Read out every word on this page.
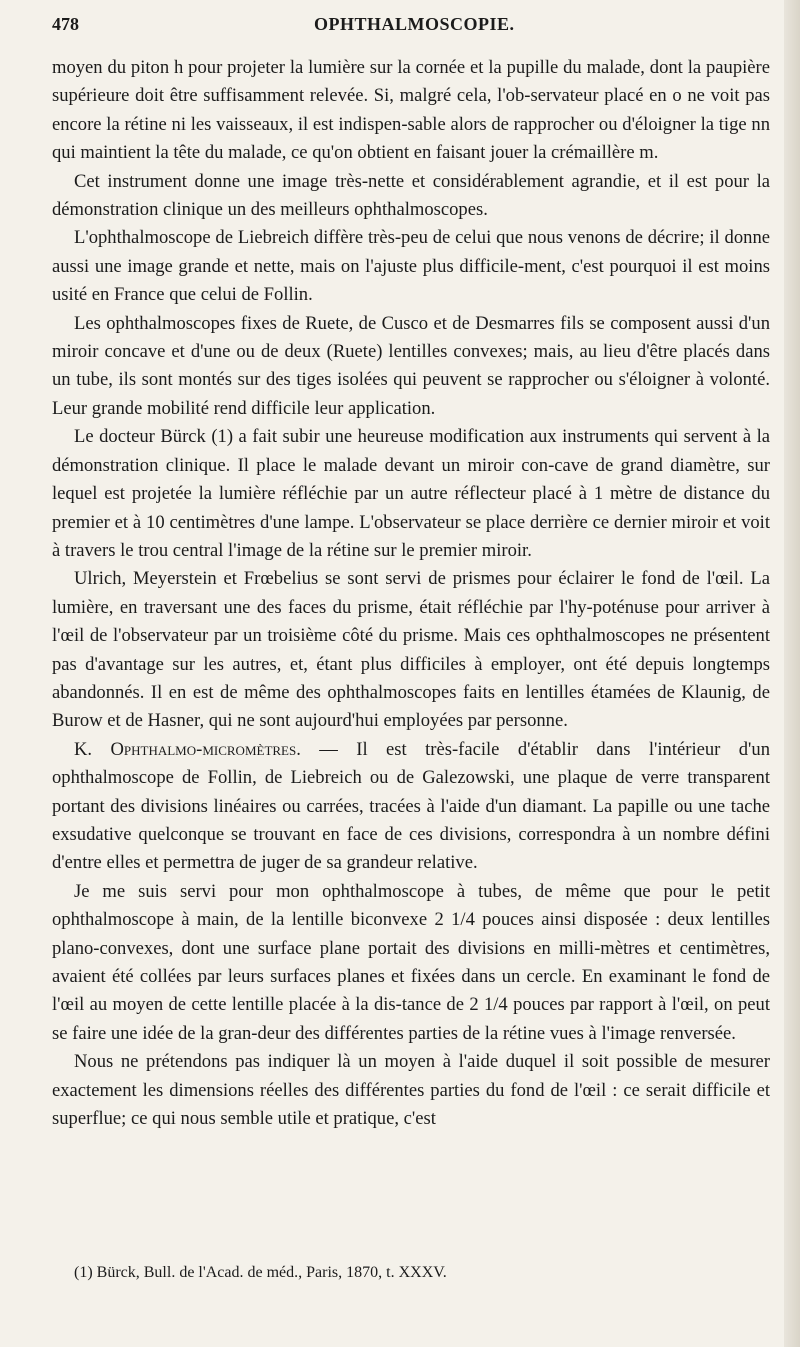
478	OPHTHALMOSCOPIE.

moyen du piton h pour projeter la lumière sur la cornée et la pupille du malade, dont la paupière supérieure doit être suffisamment relevée. Si, malgré cela, l'ob-servateur placé en o ne voit pas encore la rétine ni les vaisseaux, il est indispen-sable alors de rapprocher ou d'éloigner la tige nn qui maintient la tête du malade, ce qu'on obtient en faisant jouer la crémaillère m.

Cet instrument donne une image très-nette et considérablement agrandie, et il est pour la démonstration clinique un des meilleurs ophthalmoscopes.

L'ophthalmoscope de Liebreich diffère très-peu de celui que nous venons de décrire; il donne aussi une image grande et nette, mais on l'ajuste plus difficile-ment, c'est pourquoi il est moins usité en France que celui de Follin.

Les ophthalmoscopes fixes de Ruete, de Cusco et de Desmarres fils se composent aussi d'un miroir concave et d'une ou de deux (Ruete) lentilles convexes; mais, au lieu d'être placés dans un tube, ils sont montés sur des tiges isolées qui peuvent se rapprocher ou s'éloigner à volonté. Leur grande mobilité rend difficile leur application.

Le docteur Bürck (1) a fait subir une heureuse modification aux instruments qui servent à la démonstration clinique. Il place le malade devant un miroir con-cave de grand diamètre, sur lequel est projetée la lumière réfléchie par un autre réflecteur placé à 1 mètre de distance du premier et à 10 centimètres d'une lampe. L'observateur se place derrière ce dernier miroir et voit à travers le trou central l'image de la rétine sur le premier miroir.

Ulrich, Meyerstein et Frœbelius se sont servi de prismes pour éclairer le fond de l'œil. La lumière, en traversant une des faces du prisme, était réfléchie par l'hy-poténuse pour arriver à l'œil de l'observateur par un troisième côté du prisme. Mais ces ophthalmoscopes ne présentent pas d'avantage sur les autres, et, étant plus difficiles à employer, ont été depuis longtemps abandonnés. Il en est de même des ophthalmoscopes faits en lentilles étamées de Klaunig, de Burow et de Hasner, qui ne sont aujourd'hui employées par personne.

K. Ophthalmo-micromètres. — Il est très-facile d'établir dans l'intérieur d'un ophthalmoscope de Follin, de Liebreich ou de Galezowski, une plaque de verre transparent portant des divisions linéaires ou carrées, tracées à l'aide d'un diamant. La papille ou une tache exsudative quelconque se trouvant en face de ces divisions, correspondra à un nombre défini d'entre elles et permettra de juger de sa grandeur relative.

Je me suis servi pour mon ophthalmoscope à tubes, de même que pour le petit ophthalmoscope à main, de la lentille biconvexe 2 1/4 pouces ainsi disposée : deux lentilles plano-convexes, dont une surface plane portait des divisions en milli-mètres et centimètres, avaient été collées par leurs surfaces planes et fixées dans un cercle. En examinant le fond de l'œil au moyen de cette lentille placée à la dis-tance de 2 1/4 pouces par rapport à l'œil, on peut se faire une idée de la gran-deur des différentes parties de la rétine vues à l'image renversée.

Nous ne prétendons pas indiquer là un moyen à l'aide duquel il soit possible de mesurer exactement les dimensions réelles des différentes parties du fond de l'œil : ce serait difficile et superflue; ce qui nous semble utile et pratique, c'est

(1) Bürck, Bull. de l'Acad. de méd., Paris, 1870, t. XXXV.
